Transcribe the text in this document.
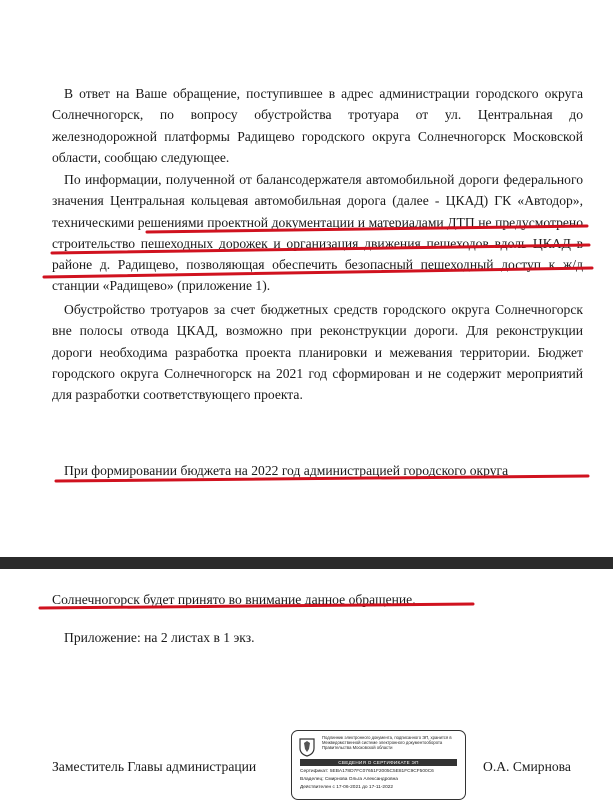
В ответ на Ваше обращение, поступившее в адрес администрации городского округа Солнечногорск, по вопросу обустройства тротуара от ул. Центральная до железнодорожной платформы Радищево городского округа Солнечногорск Московской области, сообщаю следующее.

По информации, полученной от балансодержателя автомобильной дороги федерального значения Центральная кольцевая автомобильная дорога (далее - ЦКАД) ГК «Автодор», техническими решениями проектной документации и материалами ДТП не предусмотрено строительство пешеходных дорожек и организация движения пешеходов вдоль ЦКАД в районе д. Радищево, позволяющая обеспечить безопасный пешеходный доступ к ж/д станции «Радищево» (приложение 1).

Обустройство тротуаров за счет бюджетных средств городского округа Солнечногорск вне полосы отвода ЦКАД, возможно при реконструкции дороги. Для реконструкции дороги необходима разработка проекта планировки и межевания территории. Бюджет городского округа Солнечногорск на 2021 год сформирован и не содержит мероприятий для разработки соответствующего проекта.

При формировании бюджета на 2022 год администрацией городского округа

Солнечногорск будет принято во внимание данное обращение.
Приложение: на 2 листах в 1 экз.
Заместитель Главы администрации	О.А. Смирнова
Подлинник электронного документа, подписанного ЭП, хранится в Межведомственной системе электронного документооборота Правительства Московской области
СВЕДЕНИЯ О СЕРТИФИКАТЕ ЭП
Сертификат: 5EBA178D7FC07651F2005C5E81FC9CF500C6
Владелец: Смирнова Ольга Александровна
Действителен с 17-06-2021 до 17-11-2022
